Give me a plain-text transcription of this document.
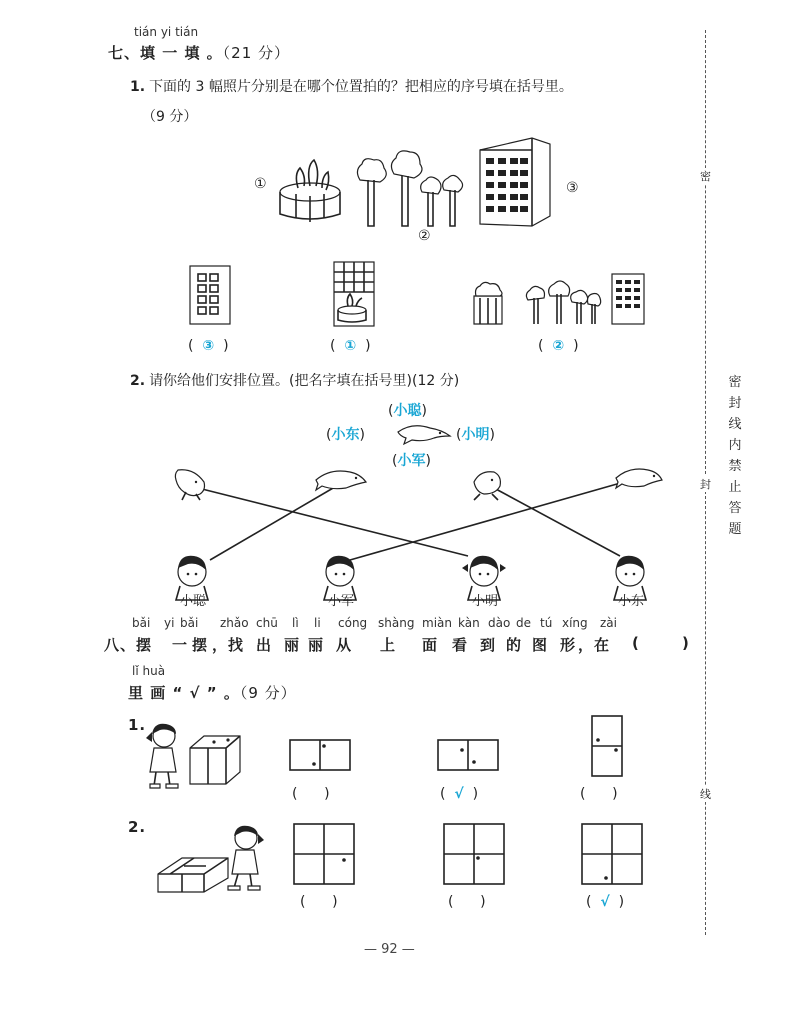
tián yi tián
七、填 一 填 。（21 分）
1. 下面的 3 幅照片分别是在哪个位置拍的？把相应的序号填在括号里。
（9 分）
①
②
③
(  ③  )	(  ①  )	(  ②  )
2. 请你给他们安排位置。(把名字填在括号里)(12 分)
(小聪)
(小东)	(小明)
(小军)
小聪	小军	小明	小东
bǎi yi bǎi zhǎo chū lì li cóng shàng miàn kàn dào de tú xíng zài
八、摆 一 摆 ， 找 出 丽 丽 从 上 面 看 到 的 图 形 ，在 (	)
lǐ huà
里 画 “ √ ” 。（9 分）
1.
( )	( √ )	( )
2.
( )	( )	( √ )
— 92 —
密
封
线
密
封
线
内
禁
止
答
题
